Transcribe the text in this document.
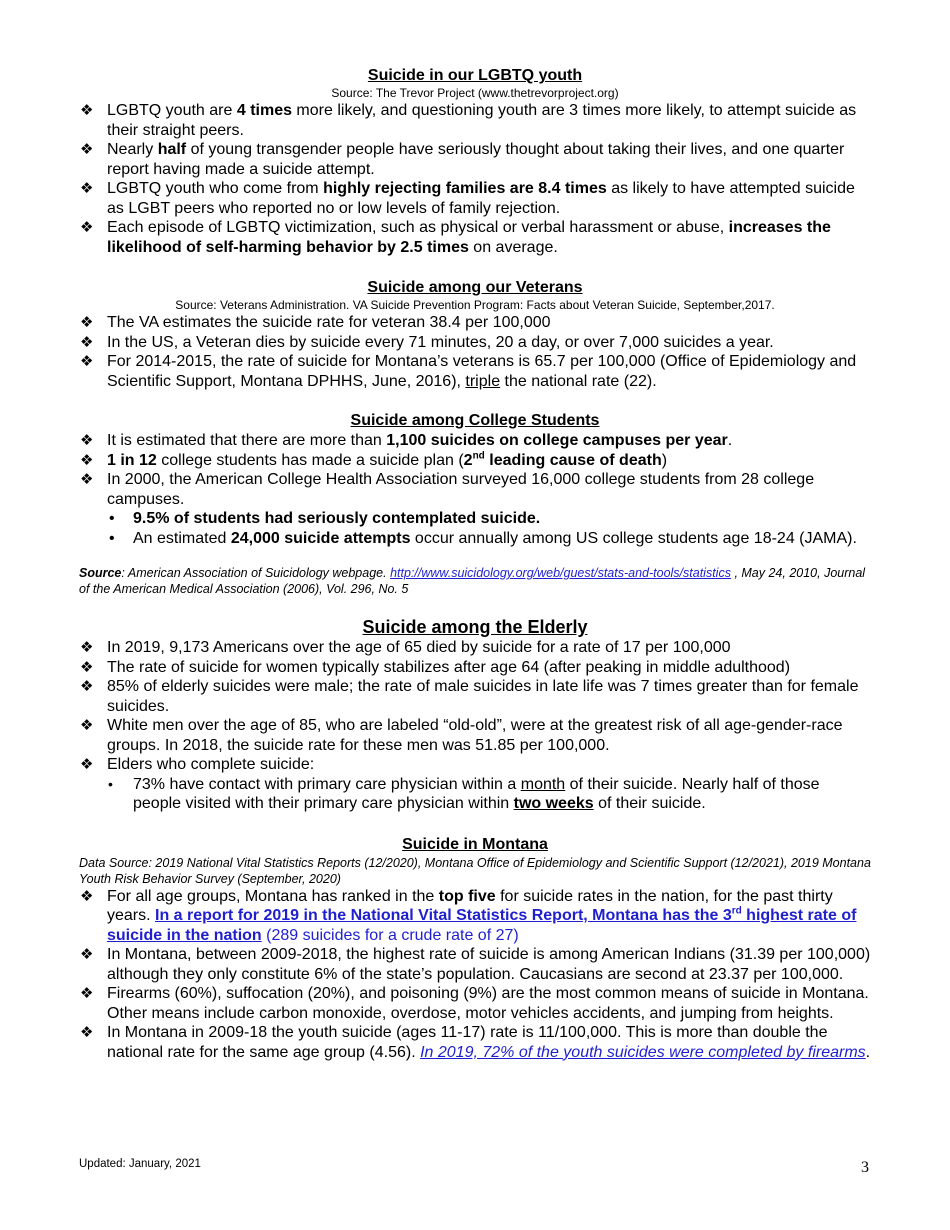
Suicide in our LGBTQ youth

Source: The Trevor Project (www.thetrevorproject.org)

❖ LGBTQ youth are 4 times more likely, and questioning youth are 3 times more likely, to attempt suicide as their straight peers.
❖ Nearly half of young transgender people have seriously thought about taking their lives, and one quarter report having made a suicide attempt.
❖ LGBTQ youth who come from highly rejecting families are 8.4 times as likely to have attempted suicide as LGBT peers who reported no or low levels of family rejection.
❖ Each episode of LGBTQ victimization, such as physical or verbal harassment or abuse, increases the likelihood of self-harming behavior by 2.5 times on average.
Suicide among our Veterans

Source: Veterans Administration. VA Suicide Prevention Program: Facts about Veteran Suicide, September,2017.

❖ The VA estimates the suicide rate for veteran 38.4 per 100,000
❖ In the US, a Veteran dies by suicide every 71 minutes, 20 a day, or over 7,000 suicides a year.
❖ For 2014-2015, the rate of suicide for Montana’s veterans is 65.7 per 100,000 (Office of Epidemiology and Scientific Support, Montana DPHHS, June, 2016), triple the national rate (22).
Suicide among College Students
❖ It is estimated that there are more than 1,100 suicides on college campuses per year.
❖ 1 in 12 college students has made a suicide plan (2nd leading cause of death)
❖ In 2000, the American College Health Association surveyed 16,000 college students from 28 college campuses.
• 9.5% of students had seriously contemplated suicide.
• An estimated 24,000 suicide attempts occur annually among US college students age 18-24 (JAMA).

Source: American Association of Suicidology webpage. http://www.suicidology.org/web/guest/stats-and-tools/statistics , May 24, 2010, Journal of the American Medical Association (2006), Vol. 296, No. 5

Suicide among the Elderly
❖ In 2019, 9,173 Americans over the age of 65 died by suicide for a rate of 17 per 100,000
❖ The rate of suicide for women typically stabilizes after age 64 (after peaking in middle adulthood)
❖ 85% of elderly suicides were male; the rate of male suicides in late life was 7 times greater than for female suicides.
❖ White men over the age of 85, who are labeled “old-old”, were at the greatest risk of all age-gender-race groups. In 2018, the suicide rate for these men was 51.85 per 100,000.
❖ Elders who complete suicide:
• 73% have contact with primary care physician within a month of their suicide. Nearly half of those people visited with their primary care physician within two weeks of their suicide.
Suicide in Montana

Data Source: 2019 National Vital Statistics Reports (12/2020), Montana Office of Epidemiology and Scientific Support (12/2021), 2019 Montana Youth Risk Behavior Survey (September, 2020)

❖ For all age groups, Montana has ranked in the top five for suicide rates in the nation, for the past thirty years. In a report for 2019 in the National Vital Statistics Report, Montana has the 3rd highest rate of suicide in the nation (289 suicides for a crude rate of 27)
❖ In Montana, between 2009-2018, the highest rate of suicide is among American Indians (31.39 per 100,000) although they only constitute 6% of the state’s population. Caucasians are second at 23.37 per 100,000.
❖ Firearms (60%), suffocation (20%), and poisoning (9%) are the most common means of suicide in Montana. Other means include carbon monoxide, overdose, motor vehicles accidents, and jumping from heights.
❖ In Montana in 2009-18 the youth suicide (ages 11-17) rate is 11/100,000. This is more than double the national rate for the same age group (4.56). In 2019, 72% of the youth suicides were completed by firearms.
Updated: January, 2021	3
